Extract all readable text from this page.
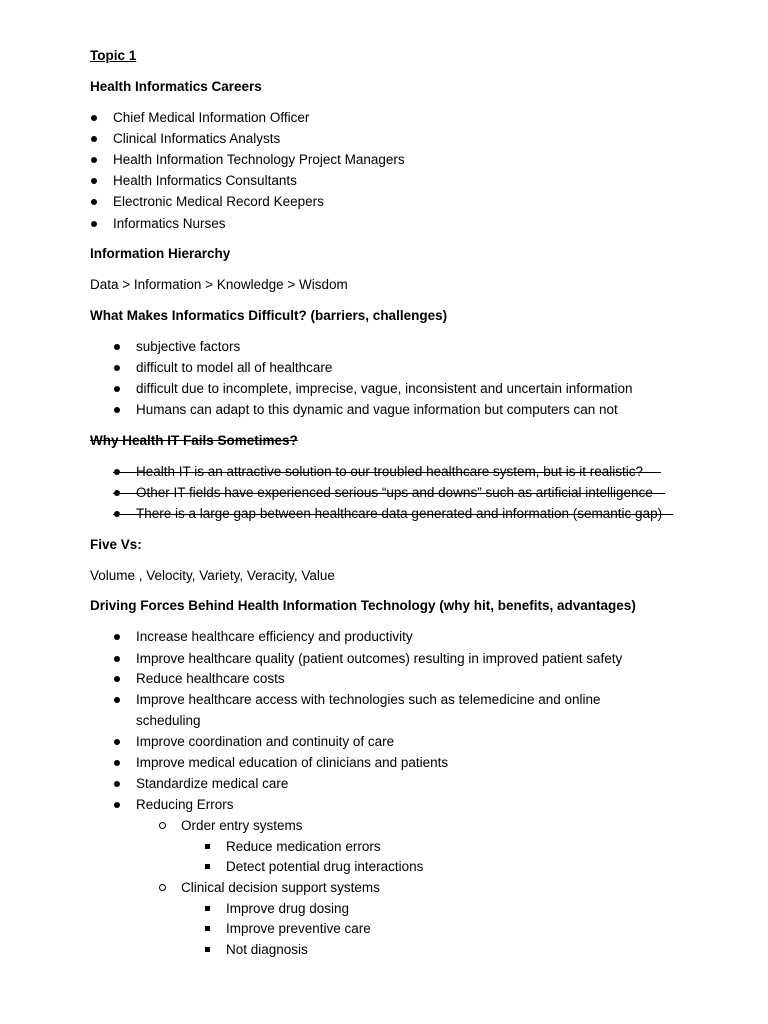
Topic 1
Health Informatics Careers
Chief Medical Information Officer
Clinical Informatics Analysts
Health Information Technology Project Managers
Health Informatics Consultants
Electronic Medical Record Keepers
Informatics Nurses
Information Hierarchy
Data > Information > Knowledge > Wisdom
What Makes Informatics Difficult? (barriers, challenges)
subjective factors
difficult to model all of healthcare
difficult due to incomplete, imprecise, vague, inconsistent and uncertain information
Humans can adapt to this dynamic and vague information but computers can not
Why Health IT Fails Sometimes?
Health IT is an attractive solution to our troubled healthcare system, but is it realistic?
Other IT fields have experienced serious “ups and downs” such as artificial intelligence
There is a large gap between healthcare data generated and information (semantic gap)
Five Vs:
Volume , Velocity, Variety, Veracity, Value
Driving Forces Behind Health Information Technology (why hit, benefits, advantages)
Increase healthcare efficiency and productivity
Improve healthcare quality (patient outcomes) resulting in improved patient safety
Reduce healthcare costs
Improve healthcare access with technologies such as telemedicine and online
scheduling
Improve coordination and continuity of care
Improve medical education of clinicians and patients
Standardize medical care
Reducing Errors
Order entry systems
Reduce medication errors
Detect potential drug interactions
Clinical decision support systems
Improve drug dosing
Improve preventive care
Not diagnosis
